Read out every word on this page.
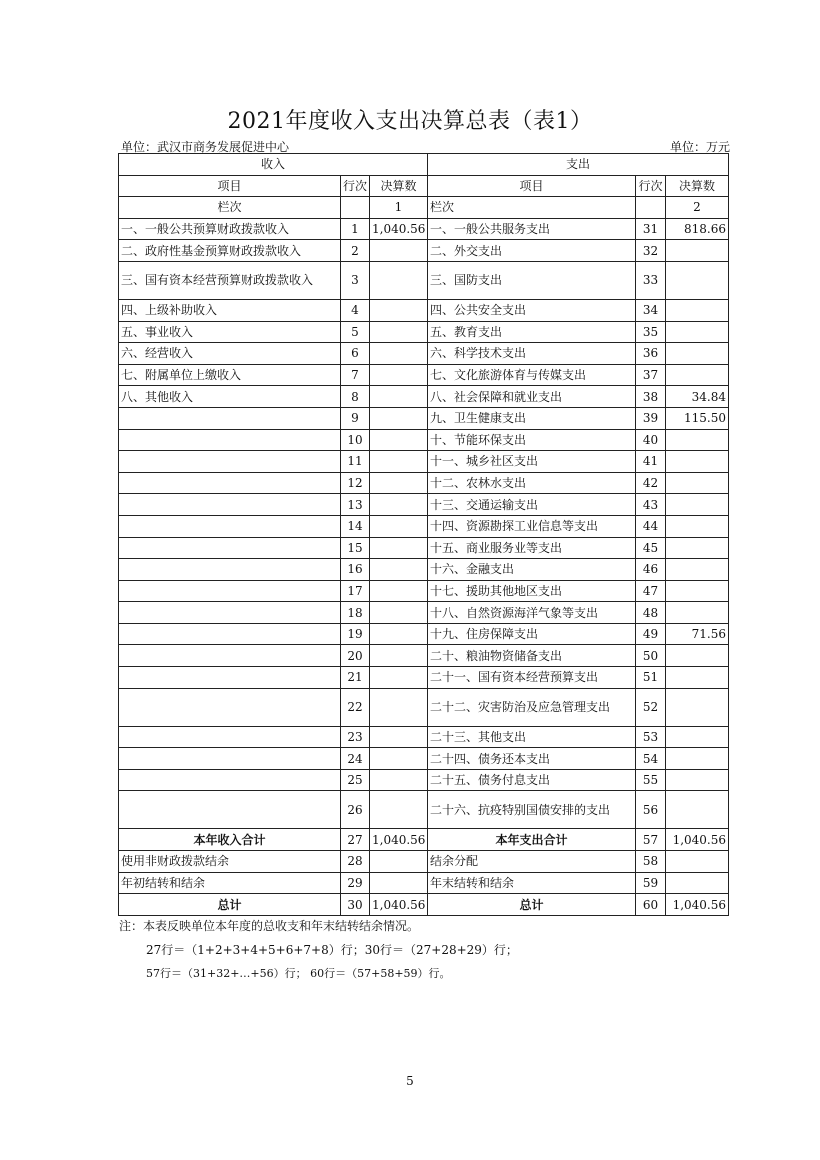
2021年度收入支出决算总表（表1）
单位：武汉市商务发展促进中心	单位：万元
收入			支出		
项目	行次	决算数	项目	行次	决算数
栏次		1	栏次		2
一、一般公共预算财政拨款收入	1	1,040.56	一、一般公共服务支出	31	818.66
二、政府性基金预算财政拨款收入	2		二、外交支出	32	
三、国有资本经营预算财政拨款收入	3		三、国防支出	33	
四、上级补助收入	4		四、公共安全支出	34	
五、事业收入	5		五、教育支出	35	
六、经营收入	6		六、科学技术支出	36	
七、附属单位上缴收入	7		七、文化旅游体育与传媒支出	37	
八、其他收入	8		八、社会保障和就业支出	38	34.84
	9		九、卫生健康支出	39	115.50
	10		十、节能环保支出	40	
	11		十一、城乡社区支出	41	
	12		十二、农林水支出	42	
	13		十三、交通运输支出	43	
	14		十四、资源勘探工业信息等支出	44	
	15		十五、商业服务业等支出	45	
	16		十六、金融支出	46	
	17		十七、援助其他地区支出	47	
	18		十八、自然资源海洋气象等支出	48	
	19		十九、住房保障支出	49	71.56
	20		二十、粮油物资储备支出	50	
	21		二十一、国有资本经营预算支出	51	
	22		二十二、灾害防治及应急管理支出	52	
	23		二十三、其他支出	53	
	24		二十四、债务还本支出	54	
	25		二十五、债务付息支出	55	
	26		二十六、抗疫特别国债安排的支出	56	
本年收入合计	27	1,040.56	本年支出合计	57	1,040.56
使用非财政拨款结余	28		结余分配	58	
年初结转和结余	29		年末结转和结余	59	
总计	30	1,040.56	总计	60	1,040.56
注：本表反映单位本年度的总收支和年末结转结余情况。
27行＝（1+2+3+4+5+6+7+8）行；30行＝（27+28+29）行；
57行＝（31+32+…+56）行； 60行＝（57+58+59）行。
5
